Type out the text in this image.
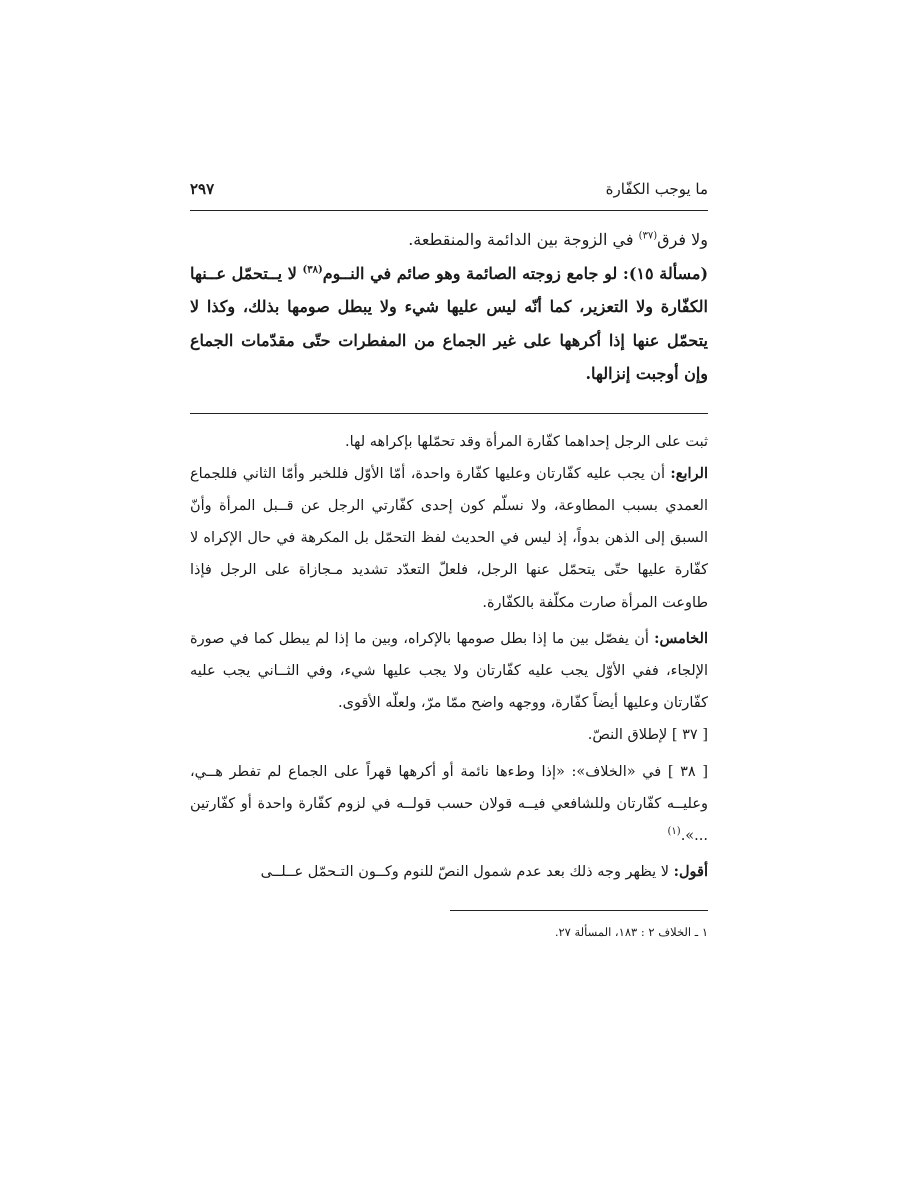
ما يوجب الكفّارة
٢٩٧

ولا فرق$^{(٣٧)}$ في الزوجة بين الدائمة والمنقطعة.

(مسألة ١٥): لو جامع زوجته الصائمة وهو صائم في النــوم$^{(٣٨)}$ لا يــتحمّل عــنها الكفّارة ولا التعزير، كما أنّه ليس عليها شيء ولا يبطل صومها بذلك، وكذا لا يتحمّل عنها إذا أكرهها على غير الجماع من المفطرات حتّى مقدّمات الجماع وإن أوجبت إنزالها.

ثبت على الرجل إحداهما كفّارة المرأة وقد تحمّلها بإكراهه لها.

الرابع: أن يجب عليه كفّارتان وعليها كفّارة واحدة، أمّا الأوّل فللخبر وأمّا الثاني فللجماع العمدي بسبب المطاوعة، ولا نسلّم كون إحدى كفّارتي الرجل عن قــبل المرأة وأنّ السبق إلى الذهن بدواً، إذ ليس في الحديث لفظ التحمّل بل المكرهة في حال الإكراه لا كفّارة عليها حتّى يتحمّل عنها الرجل، فلعلّ التعدّد تشديد مـجازاة على الرجل فإذا طاوعت المرأة صارت مكلّفة بالكفّارة.

الخامس: أن يفصّل بين ما إذا بطل صومها بالإكراه، وبين ما إذا لم يبطل كما في صورة الإلجاء، ففي الأوّل يجب عليه كفّارتان ولا يجب عليها شيء، وفي الثــاني يجب عليه كفّارتان وعليها أيضاً كفّارة، ووجهه واضح ممّا مرّ، ولعلّه الأقوى.

[ ٣٧ ] لإطلاق النصّ.

[ ٣٨ ] في «الخلاف»: «إذا وطءها نائمة أو أكرهها قهراً على الجماع لم تفطر هــي، وعليــه كفّارتان وللشافعي فيــه قولان حسب قولــه في لزوم كفّارة واحدة أو كفّارتين ...».$^{(١)}$

أقول: لا يظهر وجه ذلك بعد عدم شمول النصّ للنوم وكــون التـحمّل عــلــى

١ ـ الخلاف ٢ : ١٨٣، المسألة ٢٧.
